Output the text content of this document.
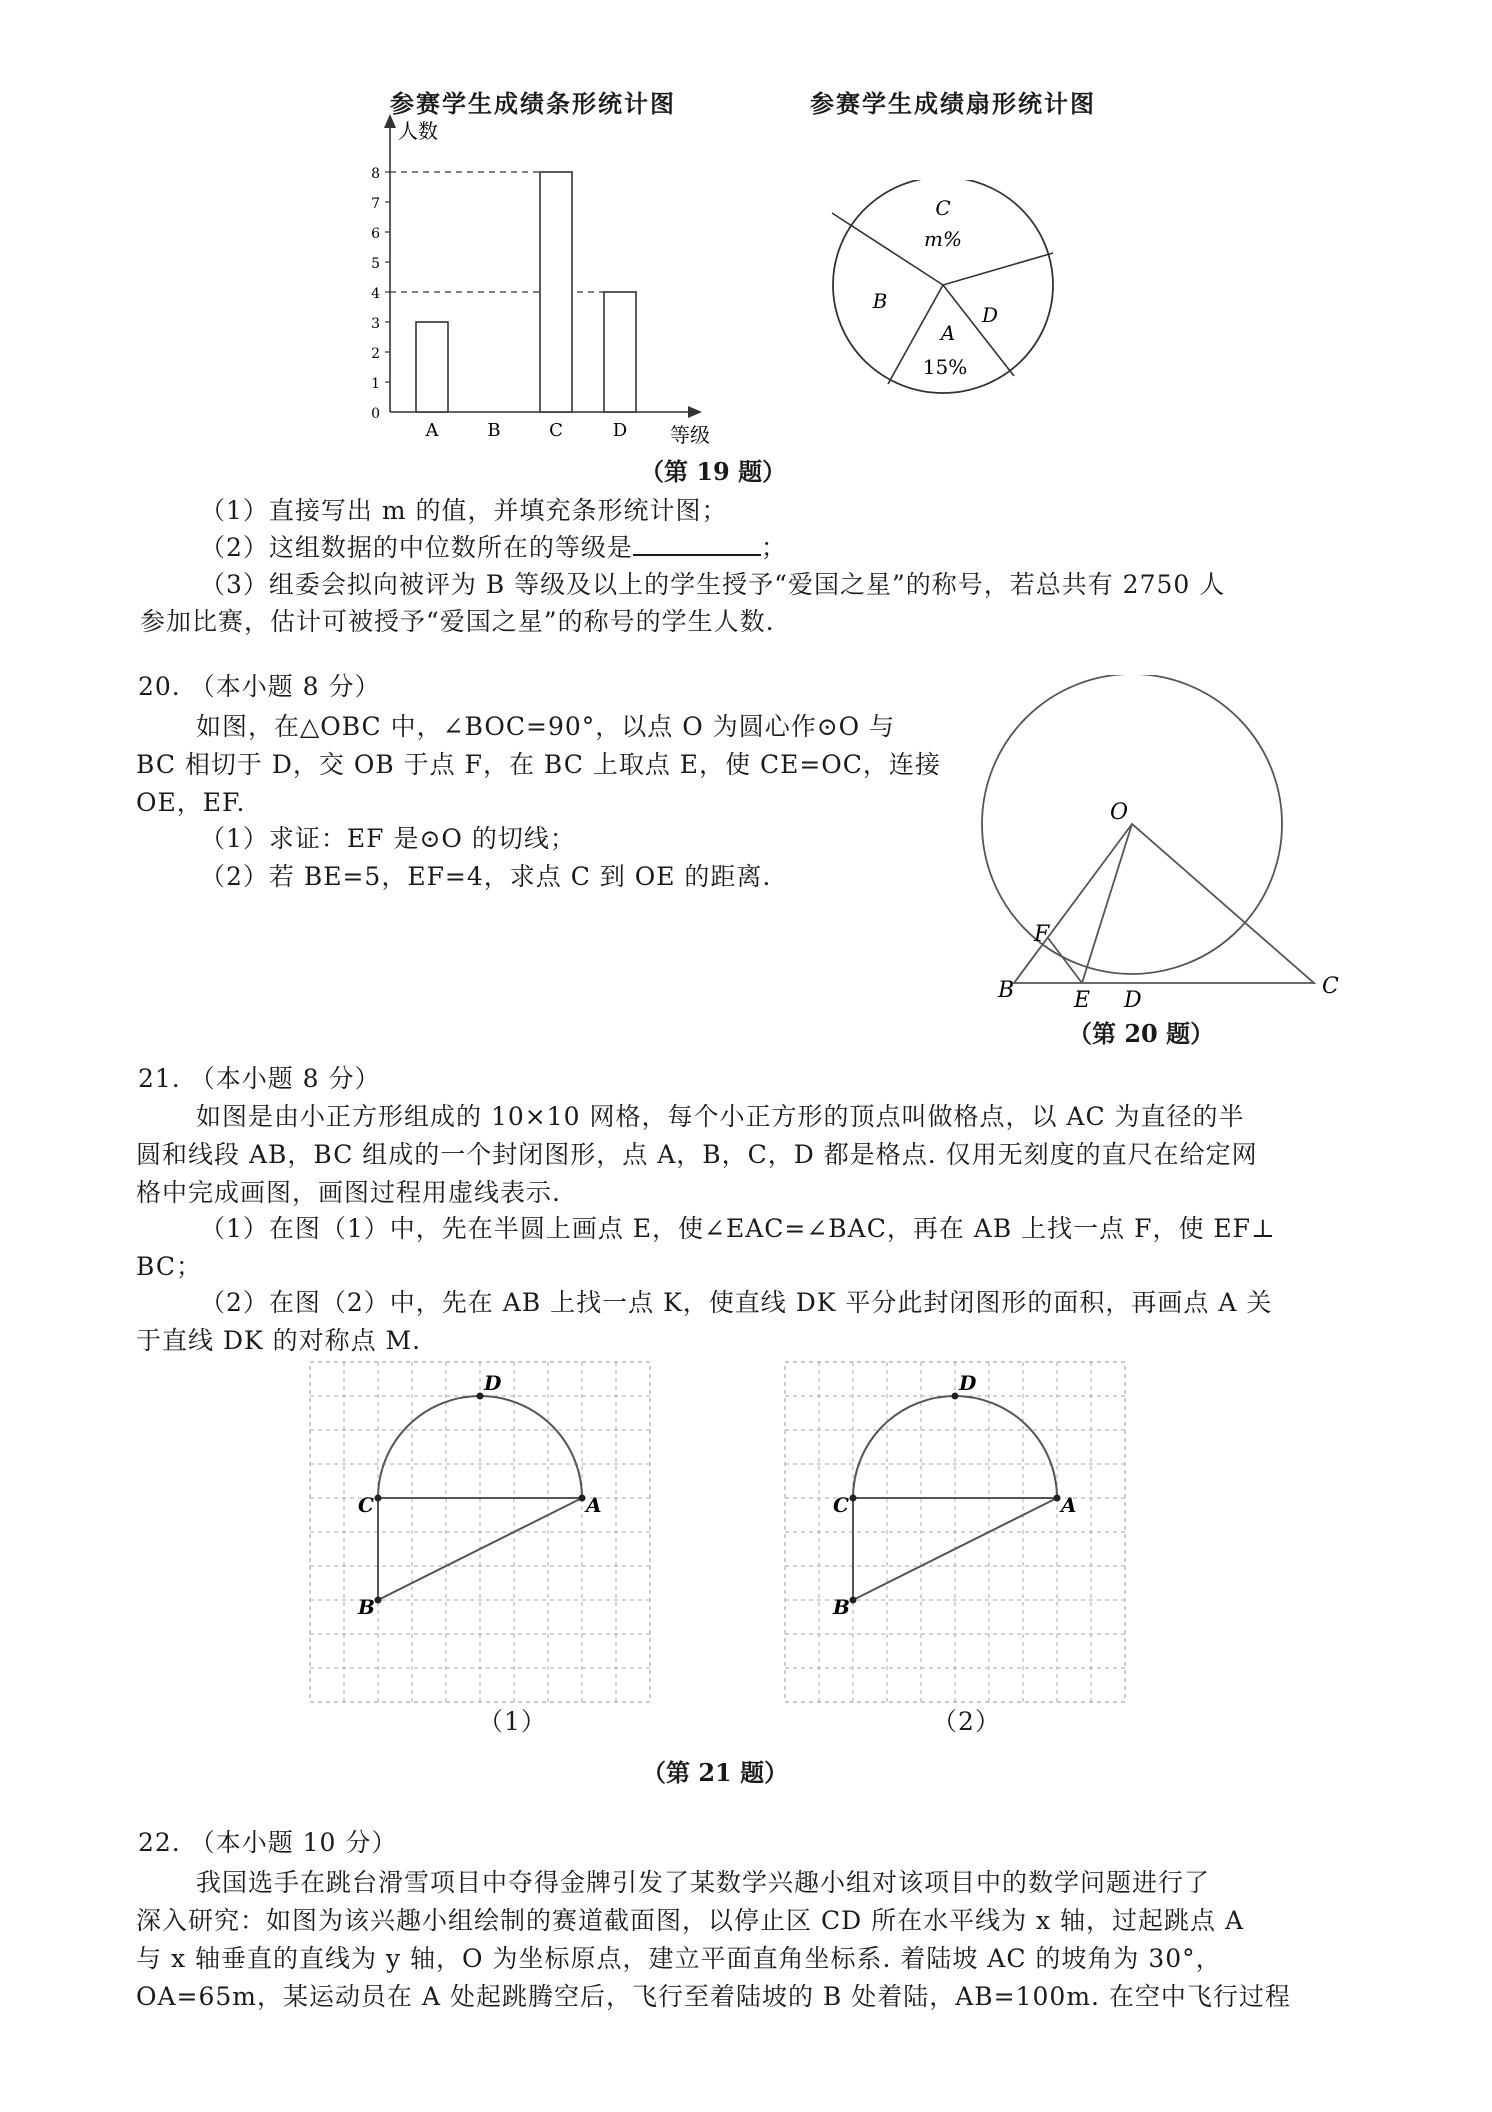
参赛学生成绩条形统计图	参赛学生成绩扇形统计图
人数
等级
0
1
2
3
4
5
6
7
8
A	B	C	D
A
15%
B
C
m%
D
（第 19 题）
（1）直接写出 m 的值，并填充条形统计图；
（2）这组数据的中位数所在的等级是	；
（3）组委会拟向被评为 B 等级及以上的学生授予“爱国之星”的称号，若总共有 2750 人
参加比赛，估计可被授予“爱国之星”的称号的学生人数.
20. （本小题 8 分）
如图，在△OBC 中，∠BOC=90°，以点 O 为圆心作⊙O 与
BC 相切于 D，交 OB 于点 F，在 BC 上取点 E，使 CE=OC，连接
OE，EF.
（1）求证：EF 是⊙O 的切线；
（2）若 BE=5，EF=4，求点 C 到 OE 的距离.
O
F
B	E D
C
（第 20 题）
21. （本小题 8 分）
如图是由小正方形组成的 10×10 网格，每个小正方形的顶点叫做格点，以 AC 为直径的半
圆和线段 AB，BC 组成的一个封闭图形，点 A，B，C，D 都是格点. 仅用无刻度的直尺在给定网
格中完成画图，画图过程用虚线表示.
（1）在图（1）中，先在半圆上画点 E，使∠EAC=∠BAC，再在 AB 上找一点 F，使 EF⊥
BC；
（2）在图（2）中，先在 AB 上找一点 K，使直线 DK 平分此封闭图形的面积，再画点 A 关
于直线 DK 的对称点 M.
D
C	A
B
D
C	A
B
（1）	（2）
（第 21 题）
22. （本小题 10 分）
我国选手在跳台滑雪项目中夺得金牌引发了某数学兴趣小组对该项目中的数学问题进行了
深入研究：如图为该兴趣小组绘制的赛道截面图，以停止区 CD 所在水平线为 x 轴，过起跳点 A
与 x 轴垂直的直线为 y 轴，O 为坐标原点，建立平面直角坐标系. 着陆坡 AC 的坡角为 30°，
OA=65m，某运动员在 A 处起跳腾空后，飞行至着陆坡的 B 处着陆，AB=100m. 在空中飞行过程
